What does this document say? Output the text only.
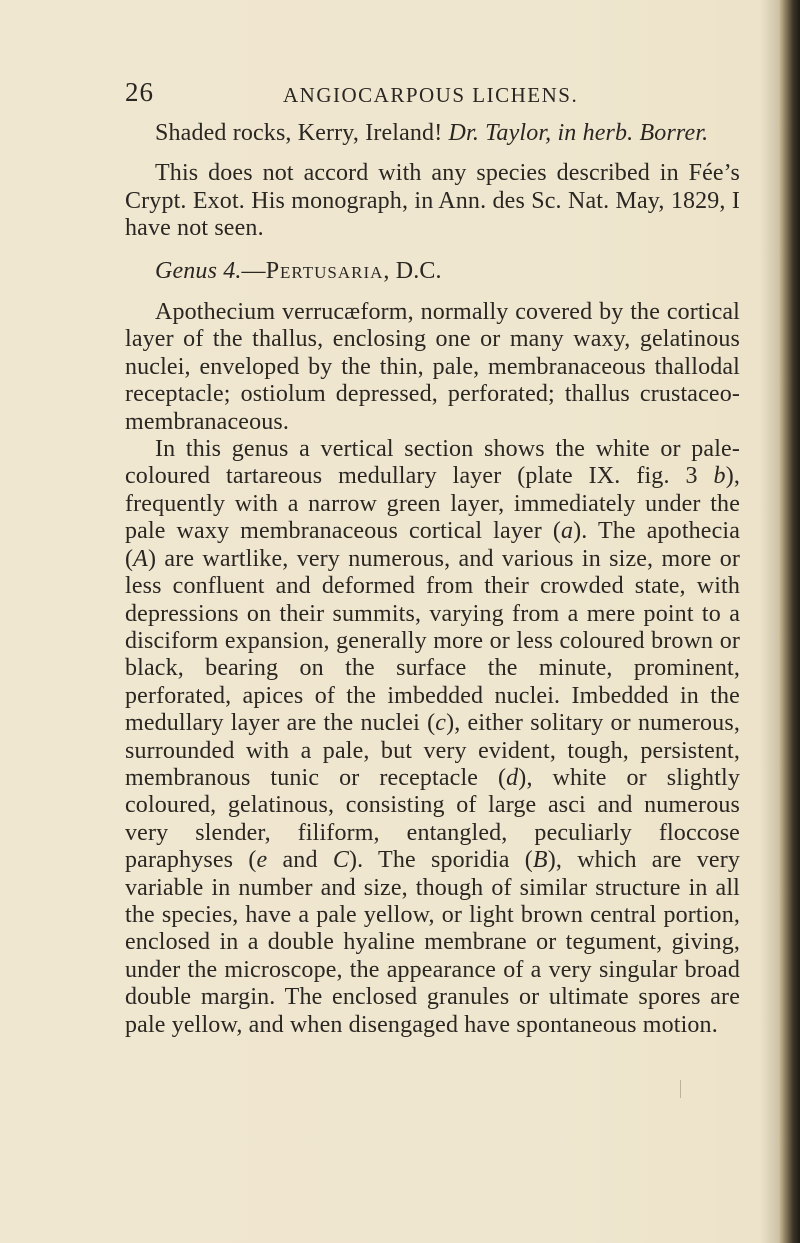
26	ANGIOCARPOUS LICHENS.

Shaded rocks, Kerry, Ireland! Dr. Taylor, in herb. Borrer.

This does not accord with any species described in Fée’s Crypt. Exot. His monograph, in Ann. des Sc. Nat. May, 1829, I have not seen.

Genus 4.—Pertusaria, D.C.

Apothecium verrucæform, normally covered by the cortical layer of the thallus, enclosing one or many waxy, gelatinous nuclei, enveloped by the thin, pale, membranaceous thallodal receptacle; ostiolum depressed, perforated; thallus crustaceo-membranaceous.

In this genus a vertical section shows the white or pale-coloured tartareous medullary layer (plate IX. fig. 3 b), frequently with a narrow green layer, immediately under the pale waxy membranaceous cortical layer (a). The apothecia (A) are wartlike, very numerous, and various in size, more or less confluent and deformed from their crowded state, with depressions on their summits, varying from a mere point to a disciform expansion, generally more or less coloured brown or black, bearing on the surface the minute, prominent, perforated, apices of the imbedded nuclei. Imbedded in the medullary layer are the nuclei (c), either solitary or numerous, surrounded with a pale, but very evident, tough, persistent, membranous tunic or receptacle (d), white or slightly coloured, gelatinous, consisting of large asci and numerous very slender, filiform, entangled, peculiarly floccose paraphyses (e and C). The sporidia (B), which are very variable in number and size, though of similar structure in all the species, have a pale yellow, or light brown central portion, enclosed in a double hyaline membrane or tegument, giving, under the microscope, the appearance of a very singular broad double margin. The enclosed granules or ultimate spores are pale yellow, and when disengaged have spontaneous motion.
